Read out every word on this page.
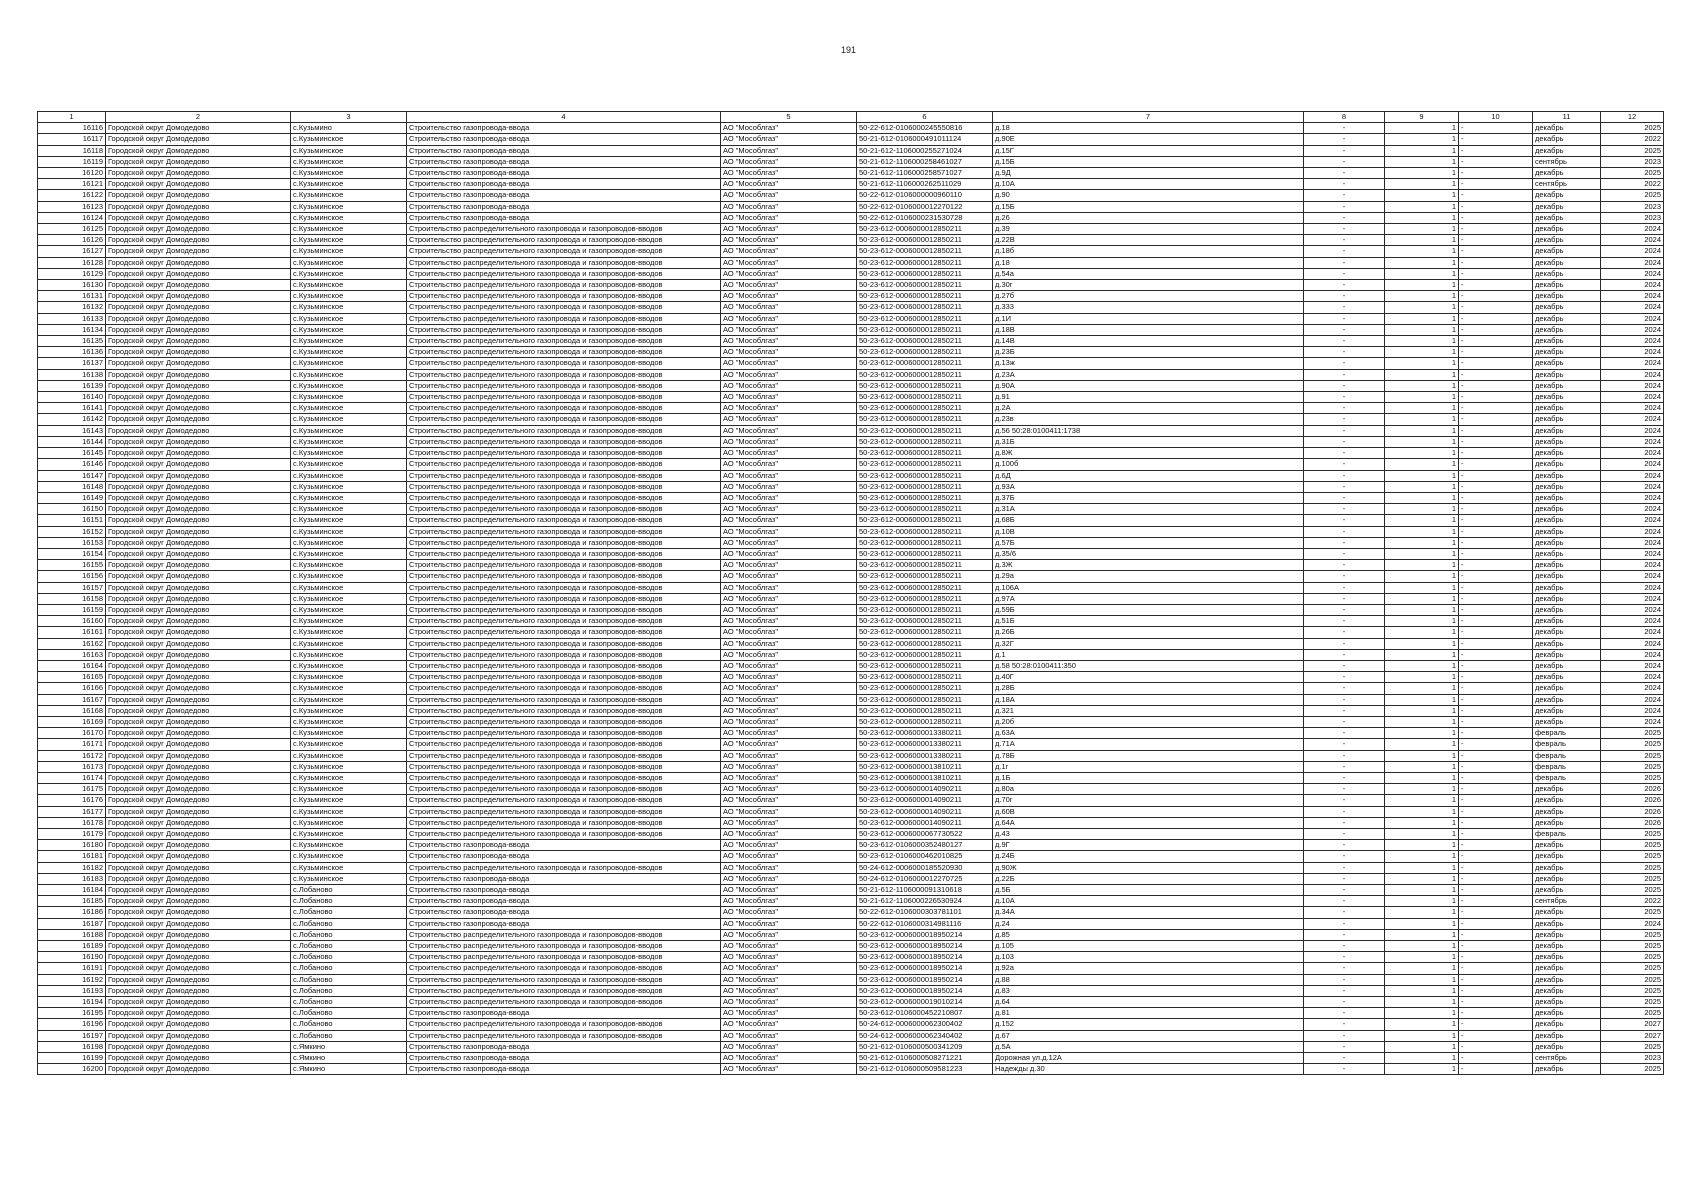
191
1	2	3	4	5	6	7	8	9	10	11	12
16116	Городской округ Домодедово	с.Кузьмино	Строительство газопровода-ввода	АО "Мособлгаз"	50-22-612-0106000245550816	д.18	-	1	-	декабрь	2025
16117	Городской округ Домодедово	с.Кузьминское	Строительство газопровода-ввода	АО "Мособлгаз"	50-21-612-0106000491011124	д.90Е	-	1	-	декабрь	2022
16118	Городской округ Домодедово	с.Кузьминское	Строительство газопровода-ввода	АО "Мособлгаз"	50-21-612-1106000255271024	д.15Г	-	1	-	декабрь	2025
16119	Городской округ Домодедово	с.Кузьминское	Строительство газопровода-ввода	АО "Мособлгаз"	50-21-612-1106000258461027	д.15Б	-	1	-	сентябрь	2023
16120	Городской округ Домодедово	с.Кузьминское	Строительство газопровода-ввода	АО "Мособлгаз"	50-21-612-1106000258571027	д.9Д	-	1	-	декабрь	2025
16121	Городской округ Домодедово	с.Кузьминское	Строительство газопровода-ввода	АО "Мособлгаз"	50-21-612-1106000262511029	д.10А	-	1	-	сентябрь	2022
16122	Городской округ Домодедово	с.Кузьминское	Строительство газопровода-ввода	АО "Мособлгаз"	50-22-612-0106000000960110	д.90	-	1	-	декабрь	2025
16123	Городской округ Домодедово	с.Кузьминское	Строительство газопровода-ввода	АО "Мособлгаз"	50-22-612-0106000012270122	д.15Б	-	1	-	декабрь	2023
16124	Городской округ Домодедово	с.Кузьминское	Строительство газопровода-ввода	АО "Мособлгаз"	50-22-612-0106000231530728	д.26	-	1	-	декабрь	2023
16125	Городской округ Домодедово	с.Кузьминское	Строительство распределительного газопровода и газопроводов-вводов	АО "Мособлгаз"	50-23-612-0006000012850211	д.39	-	1	-	декабрь	2024
16126	Городской округ Домодедово	с.Кузьминское	Строительство распределительного газопровода и газопроводов-вводов	АО "Мособлгаз"	50-23-612-0006000012850211	д.22В	-	1	-	декабрь	2024
16127	Городской округ Домодедово	с.Кузьминское	Строительство распределительного газопровода и газопроводов-вводов	АО "Мособлгаз"	50-23-612-0006000012850211	д.18б	-	1	-	декабрь	2024
16128	Городской округ Домодедово	с.Кузьминское	Строительство распределительного газопровода и газопроводов-вводов	АО "Мособлгаз"	50-23-612-0006000012850211	д.18	-	1	-	декабрь	2024
16129	Городской округ Домодедово	с.Кузьминское	Строительство распределительного газопровода и газопроводов-вводов	АО "Мособлгаз"	50-23-612-0006000012850211	д.54а	-	1	-	декабрь	2024
16130	Городской округ Домодедово	с.Кузьминское	Строительство распределительного газопровода и газопроводов-вводов	АО "Мособлгаз"	50-23-612-0006000012850211	д.30г	-	1	-	декабрь	2024
16131	Городской округ Домодедово	с.Кузьминское	Строительство распределительного газопровода и газопроводов-вводов	АО "Мособлгаз"	50-23-612-0006000012850211	д.27б	-	1	-	декабрь	2024
16132	Городской округ Домодедово	с.Кузьминское	Строительство распределительного газопровода и газопроводов-вводов	АО "Мособлгаз"	50-23-612-0006000012850211	д.333	-	1	-	декабрь	2024
16133	Городской округ Домодедово	с.Кузьминское	Строительство распределительного газопровода и газопроводов-вводов	АО "Мособлгаз"	50-23-612-0006000012850211	д.1И	-	1	-	декабрь	2024
16134	Городской округ Домодедово	с.Кузьминское	Строительство распределительного газопровода и газопроводов-вводов	АО "Мособлгаз"	50-23-612-0006000012850211	д.18В	-	1	-	декабрь	2024
16135	Городской округ Домодедово	с.Кузьминское	Строительство распределительного газопровода и газопроводов-вводов	АО "Мособлгаз"	50-23-612-0006000012850211	д.14В	-	1	-	декабрь	2024
16136	Городской округ Домодедово	с.Кузьминское	Строительство распределительного газопровода и газопроводов-вводов	АО "Мособлгаз"	50-23-612-0006000012850211	д.23Б	-	1	-	декабрь	2024
16137	Городской округ Домодедово	с.Кузьминское	Строительство распределительного газопровода и газопроводов-вводов	АО "Мособлгаз"	50-23-612-0006000012850211	д.13ж	-	1	-	декабрь	2024
16138	Городской округ Домодедово	с.Кузьминское	Строительство распределительного газопровода и газопроводов-вводов	АО "Мособлгаз"	50-23-612-0006000012850211	д.23А	-	1	-	декабрь	2024
16139	Городской округ Домодедово	с.Кузьминское	Строительство распределительного газопровода и газопроводов-вводов	АО "Мособлгаз"	50-23-612-0006000012850211	д.90А	-	1	-	декабрь	2024
16140	Городской округ Домодедово	с.Кузьминское	Строительство распределительного газопровода и газопроводов-вводов	АО "Мособлгаз"	50-23-612-0006000012850211	д.91	-	1	-	декабрь	2024
16141	Городской округ Домодедово	с.Кузьминское	Строительство распределительного газопровода и газопроводов-вводов	АО "Мособлгаз"	50-23-612-0006000012850211	д.2А	-	1	-	декабрь	2024
16142	Городской округ Домодедово	с.Кузьминское	Строительство распределительного газопровода и газопроводов-вводов	АО "Мособлгаз"	50-23-612-0006000012850211	д.23в	-	1	-	декабрь	2024
16143	Городской округ Домодедово	с.Кузьминское	Строительство распределительного газопровода и газопроводов-вводов	АО "Мособлгаз"	50-23-612-0006000012850211	д.56 50:28:0100411:1738	-	1	-	декабрь	2024
16144	Городской округ Домодедово	с.Кузьминское	Строительство распределительного газопровода и газопроводов-вводов	АО "Мособлгаз"	50-23-612-0006000012850211	д.31Б	-	1	-	декабрь	2024
16145	Городской округ Домодедово	с.Кузьминское	Строительство распределительного газопровода и газопроводов-вводов	АО "Мособлгаз"	50-23-612-0006000012850211	д.8Ж	-	1	-	декабрь	2024
16146	Городской округ Домодедово	с.Кузьминское	Строительство распределительного газопровода и газопроводов-вводов	АО "Мособлгаз"	50-23-612-0006000012850211	д.100б	-	1	-	декабрь	2024
16147	Городской округ Домодедово	с.Кузьминское	Строительство распределительного газопровода и газопроводов-вводов	АО "Мособлгаз"	50-23-612-0006000012850211	д.6Д	-	1	-	декабрь	2024
16148	Городской округ Домодедово	с.Кузьминское	Строительство распределительного газопровода и газопроводов-вводов	АО "Мособлгаз"	50-23-612-0006000012850211	д.93А	-	1	-	декабрь	2024
16149	Городской округ Домодедово	с.Кузьминское	Строительство распределительного газопровода и газопроводов-вводов	АО "Мособлгаз"	50-23-612-0006000012850211	д.37Б	-	1	-	декабрь	2024
16150	Городской округ Домодедово	с.Кузьминское	Строительство распределительного газопровода и газопроводов-вводов	АО "Мособлгаз"	50-23-612-0006000012850211	д.31А	-	1	-	декабрь	2024
16151	Городской округ Домодедово	с.Кузьминское	Строительство распределительного газопровода и газопроводов-вводов	АО "Мособлгаз"	50-23-612-0006000012850211	д.68Б	-	1	-	декабрь	2024
16152	Городской округ Домодедово	с.Кузьминское	Строительство распределительного газопровода и газопроводов-вводов	АО "Мособлгаз"	50-23-612-0006000012850211	д.10В	-	1	-	декабрь	2024
16153	Городской округ Домодедово	с.Кузьминское	Строительство распределительного газопровода и газопроводов-вводов	АО "Мособлгаз"	50-23-612-0006000012850211	д.57Б	-	1	-	декабрь	2024
16154	Городской округ Домодедово	с.Кузьминское	Строительство распределительного газопровода и газопроводов-вводов	АО "Мособлгаз"	50-23-612-0006000012850211	д.35/6	-	1	-	декабрь	2024
16155	Городской округ Домодедово	с.Кузьминское	Строительство распределительного газопровода и газопроводов-вводов	АО "Мособлгаз"	50-23-612-0006000012850211	д.3Ж	-	1	-	декабрь	2024
16156	Городской округ Домодедово	с.Кузьминское	Строительство распределительного газопровода и газопроводов-вводов	АО "Мособлгаз"	50-23-612-0006000012850211	д.29а	-	1	-	декабрь	2024
16157	Городской округ Домодедово	с.Кузьминское	Строительство распределительного газопровода и газопроводов-вводов	АО "Мособлгаз"	50-23-612-0006000012850211	д.106А	-	1	-	декабрь	2024
16158	Городской округ Домодедово	с.Кузьминское	Строительство распределительного газопровода и газопроводов-вводов	АО "Мособлгаз"	50-23-612-0006000012850211	д.97А	-	1	-	декабрь	2024
16159	Городской округ Домодедово	с.Кузьминское	Строительство распределительного газопровода и газопроводов-вводов	АО "Мособлгаз"	50-23-612-0006000012850211	д.59Б	-	1	-	декабрь	2024
16160	Городской округ Домодедово	с.Кузьминское	Строительство распределительного газопровода и газопроводов-вводов	АО "Мособлгаз"	50-23-612-0006000012850211	д.51Б	-	1	-	декабрь	2024
16161	Городской округ Домодедово	с.Кузьминское	Строительство распределительного газопровода и газопроводов-вводов	АО "Мособлгаз"	50-23-612-0006000012850211	д.26Б	-	1	-	декабрь	2024
16162	Городской округ Домодедово	с.Кузьминское	Строительство распределительного газопровода и газопроводов-вводов	АО "Мособлгаз"	50-23-612-0006000012850211	д.32Г	-	1	-	декабрь	2024
16163	Городской округ Домодедово	с.Кузьминское	Строительство распределительного газопровода и газопроводов-вводов	АО "Мособлгаз"	50-23-612-0006000012850211	д.1	-	1	-	декабрь	2024
16164	Городской округ Домодедово	с.Кузьминское	Строительство распределительного газопровода и газопроводов-вводов	АО "Мособлгаз"	50-23-612-0006000012850211	д.58 50:28:0100411:350	-	1	-	декабрь	2024
16165	Городской округ Домодедово	с.Кузьминское	Строительство распределительного газопровода и газопроводов-вводов	АО "Мособлгаз"	50-23-612-0006000012850211	д.40Г	-	1	-	декабрь	2024
16166	Городской округ Домодедово	с.Кузьминское	Строительство распределительного газопровода и газопроводов-вводов	АО "Мособлгаз"	50-23-612-0006000012850211	д.28Б	-	1	-	декабрь	2024
16167	Городской округ Домодедово	с.Кузьминское	Строительство распределительного газопровода и газопроводов-вводов	АО "Мособлгаз"	50-23-612-0006000012850211	д.18А	-	1	-	декабрь	2024
16168	Городской округ Домодедово	с.Кузьминское	Строительство распределительного газопровода и газопроводов-вводов	АО "Мособлгаз"	50-23-612-0006000012850211	д.321	-	1	-	декабрь	2024
16169	Городской округ Домодедово	с.Кузьминское	Строительство распределительного газопровода и газопроводов-вводов	АО "Мособлгаз"	50-23-612-0006000012850211	д.20б	-	1	-	декабрь	2024
16170	Городской округ Домодедово	с.Кузьминское	Строительство распределительного газопровода и газопроводов-вводов	АО "Мособлгаз"	50-23-612-0006000013380211	д.63А	-	1	-	февраль	2025
16171	Городской округ Домодедово	с.Кузьминское	Строительство распределительного газопровода и газопроводов-вводов	АО "Мособлгаз"	50-23-612-0006000013380211	д.71А	-	1	-	февраль	2025
16172	Городской округ Домодедово	с.Кузьминское	Строительство распределительного газопровода и газопроводов-вводов	АО "Мособлгаз"	50-23-612-0006000013380211	д.78Б	-	1	-	февраль	2025
16173	Городской округ Домодедово	с.Кузьминское	Строительство распределительного газопровода и газопроводов-вводов	АО "Мособлгаз"	50-23-612-0006000013810211	д.1г	-	1	-	февраль	2025
16174	Городской округ Домодедово	с.Кузьминское	Строительство распределительного газопровода и газопроводов-вводов	АО "Мособлгаз"	50-23-612-0006000013810211	д.1Б	-	1	-	февраль	2025
16175	Городской округ Домодедово	с.Кузьминское	Строительство распределительного газопровода и газопроводов-вводов	АО "Мособлгаз"	50-23-612-0006000014090211	д.80а	-	1	-	декабрь	2026
16176	Городской округ Домодедово	с.Кузьминское	Строительство распределительного газопровода и газопроводов-вводов	АО "Мособлгаз"	50-23-612-0006000014090211	д.70г	-	1	-	декабрь	2026
16177	Городской округ Домодедово	с.Кузьминское	Строительство распределительного газопровода и газопроводов-вводов	АО "Мособлгаз"	50-23-612-0006000014090211	д.60В	-	1	-	декабрь	2026
16178	Городской округ Домодедово	с.Кузьминское	Строительство распределительного газопровода и газопроводов-вводов	АО "Мособлгаз"	50-23-612-0006000014090211	д.64А	-	1	-	декабрь	2026
16179	Городской округ Домодедово	с.Кузьминское	Строительство распределительного газопровода и газопроводов-вводов	АО "Мособлгаз"	50-23-612-0006000067730522	д.43	-	1	-	февраль	2025
16180	Городской округ Домодедово	с.Кузьминское	Строительство газопровода-ввода	АО "Мособлгаз"	50-23-612-0106000352480127	д.9Г	-	1	-	декабрь	2025
16181	Городской округ Домодедово	с.Кузьминское	Строительство газопровода-ввода	АО "Мособлгаз"	50-23-612-0106000462010825	д.24Б	-	1	-	декабрь	2025
16182	Городской округ Домодедово	с.Кузьминское	Строительство распределительного газопровода и газопроводов-вводов	АО "Мособлгаз"	50-24-612-0006000185520930	д.90Ж	-	1	-	декабрь	2025
16183	Городской округ Домодедово	с.Кузьминское	Строительство газопровода-ввода	АО "Мособлгаз"	50-24-612-0106000012270725	д.22Б	-	1	-	декабрь	2025
16184	Городской округ Домодедово	с.Лобаново	Строительство газопровода-ввода	АО "Мособлгаз"	50-21-612-1106000091310618	д.5Б	-	1	-	декабрь	2025
16185	Городской округ Домодедово	с.Лобаново	Строительство газопровода-ввода	АО "Мособлгаз"	50-21-612-1106000226530924	д.10А	-	1	-	сентябрь	2022
16186	Городской округ Домодедово	с.Лобаново	Строительство газопровода-ввода	АО "Мособлгаз"	50-22-612-0106000303781101	д.34А	-	1	-	декабрь	2025
16187	Городской округ Домодедово	с.Лобаново	Строительство газопровода-ввода	АО "Мособлгаз"	50-22-612-0106000314981116	д.24	-	1	-	декабрь	2024
16188	Городской округ Домодедово	с.Лобаново	Строительство распределительного газопровода и газопроводов-вводов	АО "Мособлгаз"	50-23-612-0006000018950214	д.85	-	1	-	декабрь	2025
16189	Городской округ Домодедово	с.Лобаново	Строительство распределительного газопровода и газопроводов-вводов	АО "Мособлгаз"	50-23-612-0006000018950214	д.105	-	1	-	декабрь	2025
16190	Городской округ Домодедово	с.Лобаново	Строительство распределительного газопровода и газопроводов-вводов	АО "Мособлгаз"	50-23-612-0006000018950214	д.103	-	1	-	декабрь	2025
16191	Городской округ Домодедово	с.Лобаново	Строительство распределительного газопровода и газопроводов-вводов	АО "Мособлгаз"	50-23-612-0006000018950214	д.92а	-	1	-	декабрь	2025
16192	Городской округ Домодедово	с.Лобаново	Строительство распределительного газопровода и газопроводов-вводов	АО "Мособлгаз"	50-23-612-0006000018950214	д.88	-	1	-	декабрь	2025
16193	Городской округ Домодедово	с.Лобаново	Строительство распределительного газопровода и газопроводов-вводов	АО "Мособлгаз"	50-23-612-0006000018950214	д.83	-	1	-	декабрь	2025
16194	Городской округ Домодедово	с.Лобаново	Строительство распределительного газопровода и газопроводов-вводов	АО "Мособлгаз"	50-23-612-0006000019010214	д.64	-	1	-	декабрь	2025
16195	Городской округ Домодедово	с.Лобаново	Строительство газопровода-ввода	АО "Мособлгаз"	50-23-612-0106000452210807	д.81	-	1	-	декабрь	2025
16196	Городской округ Домодедово	с.Лобаново	Строительство распределительного газопровода и газопроводов-вводов	АО "Мособлгаз"	50-24-612-0006000062300402	д.152	-	1	-	декабрь	2027
16197	Городской округ Домодедово	с.Лобаново	Строительство распределительного газопровода и газопроводов-вводов	АО "Мособлгаз"	50-24-612-0006000062340402	д.67	-	1	-	декабрь	2027
16198	Городской округ Домодедово	с.Ямкино	Строительство газопровода-ввода	АО "Мособлгаз"	50-21-612-0106000500341209	д.5А	-	1	-	декабрь	2025
16199	Городской округ Домодедово	с.Ямкино	Строительство газопровода-ввода	АО "Мособлгаз"	50-21-612-0106000508271221	Дорожная ул.д.12А	-	1	-	сентябрь	2023
16200	Городской округ Домодедово	с.Ямкино	Строительство газопровода-ввода	АО "Мособлгаз"	50-21-612-0106000509581223	Надежды д.30	-	1	-	декабрь	2025
